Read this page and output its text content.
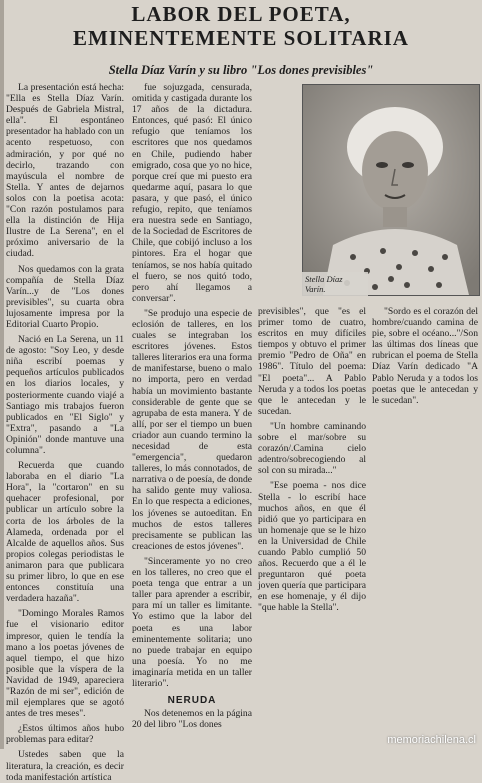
LABOR DEL POETA,
EMINENTEMENTE SOLITARIA
Stella Díaz Varín y su libro "Los dones previsibles"

La presentación está hecha: "Ella es Stella Díaz Varín. Después de Gabriela Mistral, ella". El espontáneo presentador ha hablado con un acento respetuoso, con admiración, y por qué no decirlo, trazando con mayúscula el nombre de Stella. Y antes de dejarnos solos con la poetisa acota: "Con razón postulamos para ella la distinción de Hija Ilustre de La Serena", en el próximo aniversario de la ciudad.

Nos quedamos con la grata compañía de Stella Díaz Varín...y de "Los dones previsibles", su cuarta obra lujosamente impresa por la Editorial Cuarto Propio.

Nació en La Serena, un 11 de agosto: "Soy Leo, y desde niña escribí poemas y pequeños artículos publicados en los diarios locales, y posteriormente cuando viajé a Santiago mis trabajos fueron publicados en "El Siglo" y "Extra", pasando a "La Opinión" donde mantuve una columna".

Recuerda que cuando laboraba en el diario "La Hora", la "cortaron" en su quehacer profesional, por publicar un artículo sobre la corta de los árboles de la Alameda, ordenada por el Alcalde de aquellos años. Sus propios colegas periodistas le animaron para que publicara su primer libro, lo que en ese entonces constituía una verdadera hazaña".

"Domingo Morales Ramos fue el visionario editor impresor, quien le tendía la mano a los poetas jóvenes de aquel tiempo, el que hizo posible que la víspera de la Navidad de 1949, apareciera "Razón de mi ser", edición de mil ejemplares que se agotó antes de tres meses".

¿Estos últimos años hubo problemas para editar?

Ustedes saben que la literatura, la creación, es decir toda manifestación artística

fue sojuzgada, censurada, omitida y castigada durante los 17 años de la dictadura. Entonces, qué pasó: El único refugio que teníamos los escritores que nos quedamos en Chile, pudiendo haber emigrado, cosa que yo no hice, porque creí que mi puesto era quedarme aquí, pasara lo que pasara, y que pasó, el único refugio, repito, que teníamos era nuestra sede en Santiago, de la Sociedad de Escritores de Chile, que cobijó incluso a los pintores. Era el hogar que teníamos, se nos había quitado el fuero, se nos quitó todo, pero ahí llegamos a conversar".

"Se produjo una especie de eclosión de talleres, en los cuales se integraban los escritores jóvenes. Estos talleres literarios era una forma de manifestarse, bueno o malo no importa, pero en verdad había un movimiento bastante considerable de gente que se agrupaba de esta manera. Y de allí, por ser el tiempo un buen criador aun cuando termino la necesidad de esta "emergencia", quedaron talleres, lo más connotados, de narrativa o de poesía, de donde ha salido gente muy valiosa. En lo que respecta a ediciones, los jóvenes se autoeditan. En muchos de estos talleres precisamente se publican las creaciones de estos jóvenes".

"Sinceramente yo no creo en los talleres, no creo que el poeta tenga que entrar a un taller para aprender a escribir, para mí un taller es limitante. Yo estimo que la labor del poeta es una labor eminentemente solitaria; uno no puede trabajar en equipo una poesía. Yo no me imaginaría metida en un taller literario".

NERUDA

Nos detenemos en la página 20 del libro "Los dones

Stella Díaz Varín.

previsibles", que "es el primer tomo de cuatro, escritos en muy difíciles tiempos y obtuvo el primer premio "Pedro de Oña" en 1986". Título del poema: "El poeta"... A Pablo Neruda y a todos los poetas que le antecedan y le sucedan.

"Un hombre caminando sobre el mar/sobre su corazón/.Camina cielo adentro/sobrecogiendo al sol con su mirada..."

"Ese poema - nos dice Stella - lo escribí hace muchos años, en que él pidió que yo participara en un homenaje que se le hizo en la Universidad de Chile cuando Pablo cumplió 50 años. Recuerdo que a él le preguntaron qué poeta joven quería que participara en ese homenaje, y él dijo "que hable la Stella".

"Sordo es el corazón del hombre/cuando camina de pie, sobre el océano..."/Son las últimas dos líneas que rubrican el poema de Stella Díaz Varín dedicado "A Pablo Neruda y a todos los poetas que le antecedan y le sucedan".

memoriachilena.cl
